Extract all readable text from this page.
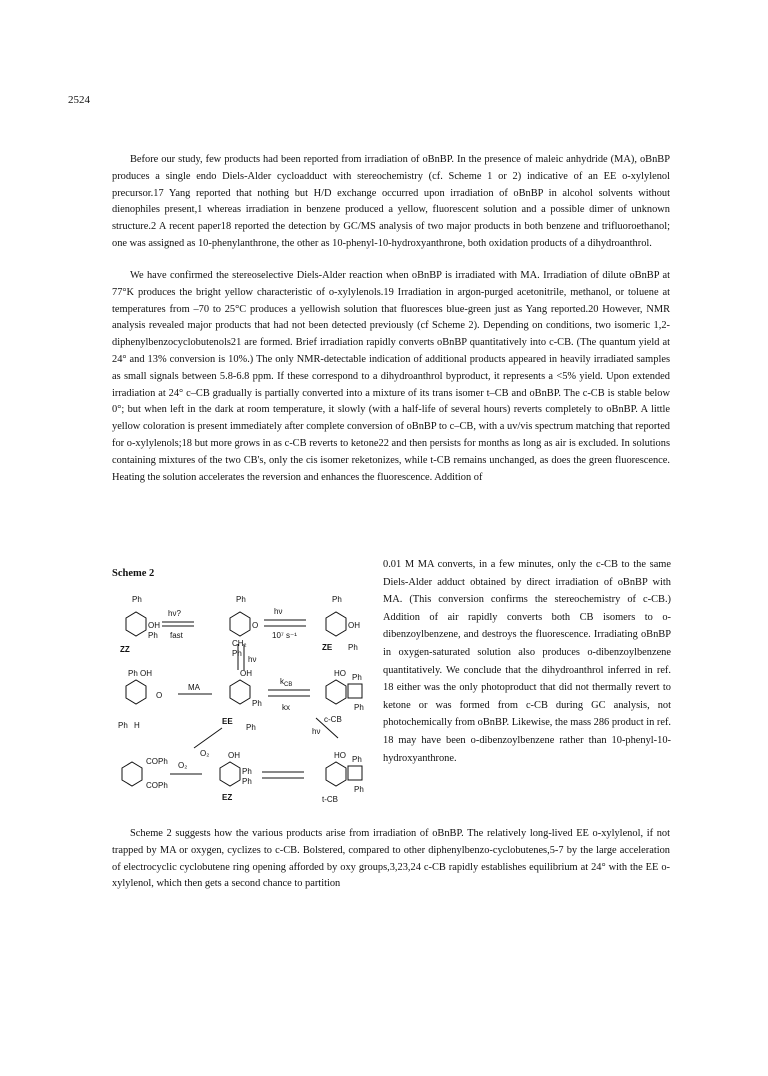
2524

Before our study, few products had been reported from irradiation of oBnBP. In the presence of maleic anhydride (MA), oBnBP produces a single endo Diels-Alder cycloadduct with stereochemistry (cf. Scheme 1 or 2) indicative of an EE o-xylylenol precursor.17 Yang reported that nothing but H/D exchange occurred upon irradiation of oBnBP in alcohol solvents without dienophiles present,1 whereas irradiation in benzene produced a yellow, fluorescent solution and a possible dimer of unknown structure.2 A recent paper18 reported the detection by GC/MS analysis of two major products in both benzene and trifluoroethanol; one was assigned as 10-phenylanthrone, the other as 10-phenyl-10-hydroxyanthrone, both oxidation products of a dihydroanthrol.

We have confirmed the stereoselective Diels-Alder reaction when oBnBP is irradiated with MA. Irradiation of dilute oBnBP at 77°K produces the bright yellow characteristic of o-xylylenols.19 Irradiation in argon-purged acetonitrile, methanol, or toluene at temperatures from –70 to 25°C produces a yellowish solution that fluoresces blue-green just as Yang reported.20 However, NMR analysis revealed major products that had not been detected previously (cf Scheme 2). Depending on conditions, two isomeric 1,2-diphenylbenzocyclobutenols21 are formed. Brief irradiation rapidly converts oBnBP quantitatively into c-CB. (The quantum yield at 24° and 13% conversion is 10%.) The only NMR-detectable indication of additional products appeared in heavily irradiated samples as small signals between 5.8-6.8 ppm. If these correspond to a dihydroanthrol byproduct, it represents a <5% yield. Upon extended irradiation at 24° c–CB gradually is partially converted into a mixture of its trans isomer t–CB and oBnBP. The c-CB is stable below 0°; but when left in the dark at room temperature, it slowly (with a half-life of several hours) reverts completely to oBnBP. A little yellow coloration is present immediately after complete conversion of oBnBP to c–CB, with a uv/vis spectrum matching that reported for o-xylylenols;18 but more grows in as c-CB reverts to ketone22 and then persists for months as long as air is excluded. In solutions containing mixtures of the two CB's, only the cis isomer reketonizes, while t-CB remains unchanged, as does the green fluorescence. Heating the solution accelerates the reversion and enhances the fluorescence. Addition of

Scheme 2
Ph
OH
Ph
ZZ
hν?
fast
Ph
O
CH₂
Ph
hν
10⁷ s⁻¹
Ph
OH
ZE Ph
hν
Ph OH
O
Ph H
MA
OH
Ph
EE
Ph
$k_{CB}$
kx
HO Ph
Ph
c-CB
hν
O₂
COPh
COPh
O₂
OH
Ph
Ph
EZ
HO Ph
Ph
t-CB

0.01 M MA converts, in a few minutes, only the c-CB to the same Diels-Alder adduct obtained by direct irradiation of oBnBP with MA. (This conversion confirms the stereochemistry of c-CB.) Addition of air rapidly converts both CB isomers to o-dibenzoylbenzene, and destroys the fluorescence. Irradiating oBnBP in oxygen-saturated solution also produces o-dibenzoylbenzene quantitatively. We conclude that the dihydroanthrol inferred in ref. 18 either was the only photoproduct that did not thermally revert to ketone or was formed from c-CB during GC analysis, not photochemically from oBnBP. Likewise, the mass 286 product in ref. 18 may have been o-dibenzoylbenzene rather than 10-phenyl-10-hydroxyanthrone.

Scheme 2 suggests how the various products arise from irradiation of oBnBP. The relatively long-lived EE o-xylylenol, if not trapped by MA or oxygen, cyclizes to c-CB. Bolstered, compared to other diphenylbenzo-cyclobutenes,5-7 by the large acceleration of electrocyclic cyclobutene ring opening afforded by oxy groups,3,23,24 c-CB rapidly establishes equilibrium at 24° with the EE o-xylylenol, which then gets a second chance to partition
